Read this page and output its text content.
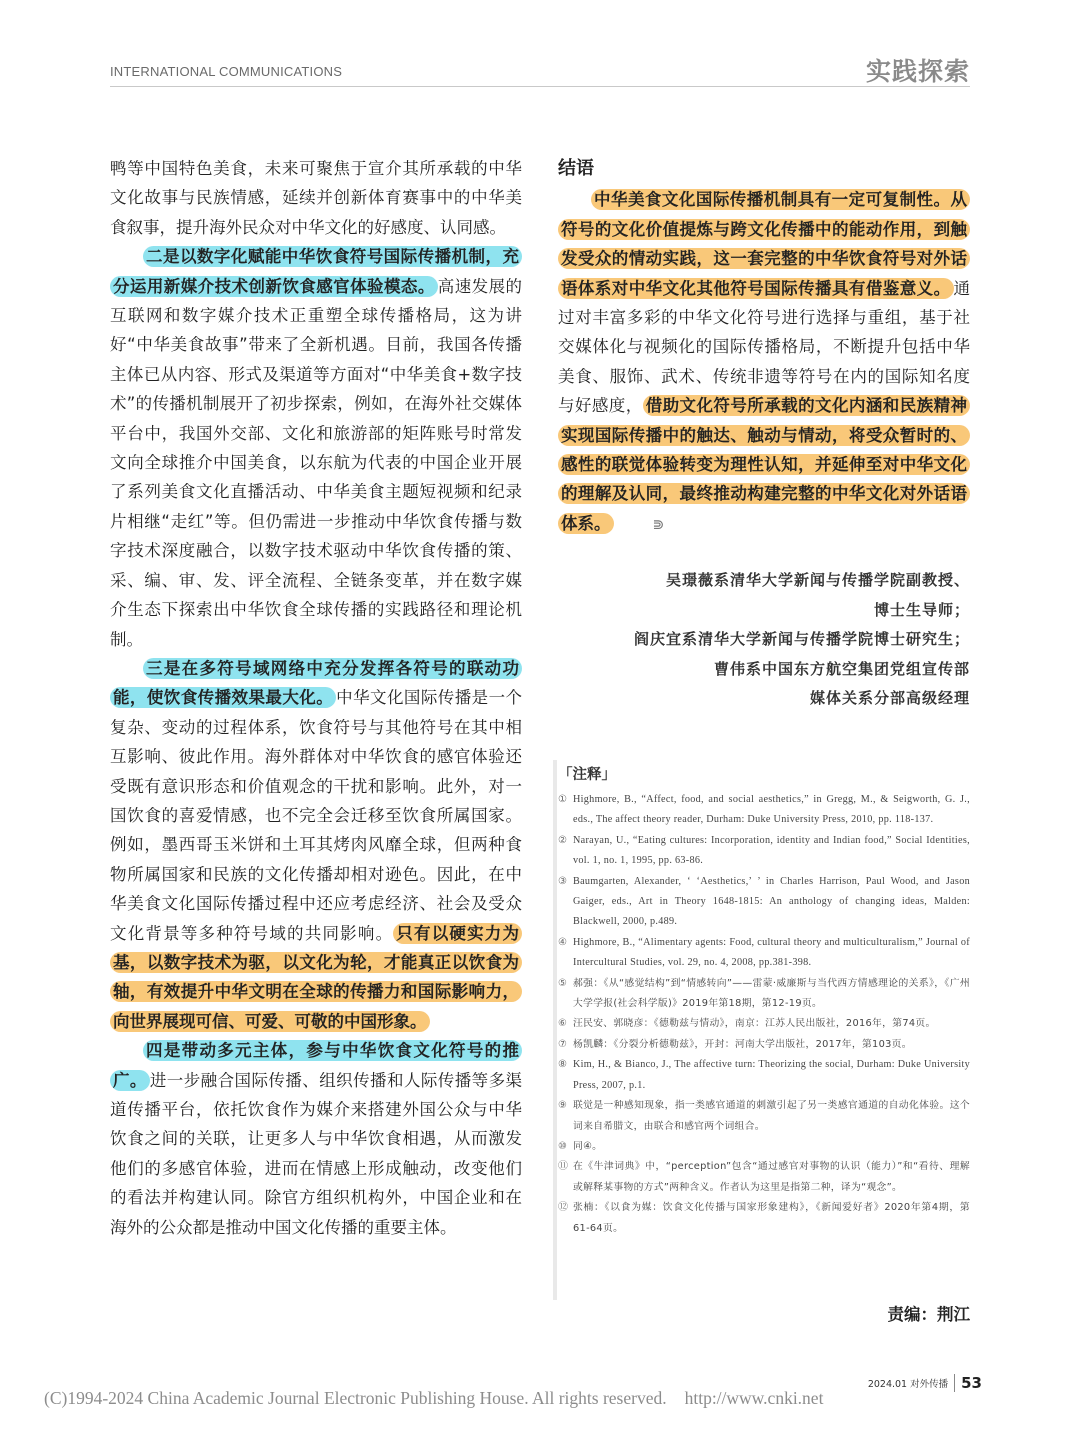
INTERNATIONAL COMMUNICATIONS	实践探索

鸭等中国特色美食，未来可聚焦于宣介其所承载的中华文化故事与民族情感，延续并创新体育赛事中的中华美食叙事，提升海外民众对中华文化的好感度、认同感。

二是以数字化赋能中华饮食符号国际传播机制，充分运用新媒介技术创新饮食感官体验模态。 高速发展的互联网和数字媒介技术正重塑全球传播格局，这为讲好“中华美食故事”带来了全新机遇。目前，我国各传播主体已从内容、形式及渠道等方面对“中华美食+数字技术”的传播机制展开了初步探索，例如，在海外社交媒体平台中，我国外交部、文化和旅游部的矩阵账号时常发文向全球推介中国美食，以东航为代表的中国企业开展了系列美食文化直播活动、中华美食主题短视频和纪录片相继“走红”等。但仍需进一步推动中华饮食传播与数字技术深度融合，以数字技术驱动中华饮食传播的策、采、编、审、发、评全流程、全链条变革，并在数字媒介生态下探索出中华饮食全球传播的实践路径和理论机制。

三是在多符号域网络中充分发挥各符号的联动功能，使饮食传播效果最大化。 中华文化国际传播是一个复杂、变动的过程体系，饮食符号与其他符号在其中相互影响、彼此作用。海外群体对中华饮食的感官体验还受既有意识形态和价值观念的干扰和影响。此外，对一国饮食的喜爱情感，也不完全会迁移至饮食所属国家。例如，墨西哥玉米饼和土耳其烤肉风靡全球，但两种食物所属国家和民族的文化传播却相对逊色。因此，在中华美食文化国际传播过程中还应考虑经济、社会及受众文化背景等多种符号域的共同影响。 只有以硬实力为基，以数字技术为驱，以文化为轮，才能真正以饮食为轴，有效提升中华文明在全球的传播力和国际影响力，向世界展现可信、可爱、可敬的中国形象。

四是带动多元主体，参与中华饮食文化符号的推广。 进一步融合国际传播、组织传播和人际传播等多渠道传播平台，依托饮食作为媒介来搭建外国公众与中华饮食之间的关联，让更多人与中华饮食相遇，从而激发他们的多感官体验，进而在情感上形成触动，改变他们的看法并构建认同。除官方组织机构外，中国企业和在海外的公众都是推动中国文化传播的重要主体。

结语

中华美食文化国际传播机制具有一定可复制性。从符号的文化价值提炼与跨文化传播中的能动作用，到触发受众的情动实践，这一套完整的中华饮食符号对外话语体系对中华文化其他符号国际传播具有借鉴意义。 通过对丰富多彩的中华文化符号进行选择与重组，基于社交媒体化与视频化的国际传播格局，不断提升包括中华美食、服饰、武术、传统非遗等符号在内的国际知名度与好感度， 借助文化符号所承载的文化内涵和民族精神实现国际传播中的触达、触动与情动，将受众暂时的、感性的联觉体验转变为理性认知，并延伸至对中华文化的理解及认同，最终推动构建完整的中华文化对外话语体系。	⋑

吴璟薇系清华大学新闻与传播学院副教授、
博士生导师；
阎庆宜系清华大学新闻与传播学院博士研究生；
曹伟系中国东方航空集团党组宣传部
媒体关系分部高级经理
「注释」
① Highmore, B., “Affect, food, and social aesthetics,” in Gregg, M., & Seigworth, G. J., eds., The affect theory reader, Durham: Duke University Press, 2010, pp. 118-137.
② Narayan, U., “Eating cultures: Incorporation, identity and Indian food,” Social Identities, vol. 1, no. 1, 1995, pp. 63-86.
③ Baumgarten, Alexander, ‘ ‘Aesthetics,’ ’ in Charles Harrison, Paul Wood, and Jason Gaiger, eds., Art in Theory 1648-1815: An anthology of changing ideas, Malden: Blackwell, 2000, p.489.
④ Highmore, B., “Alimentary agents: Food, cultural theory and multiculturalism,” Journal of Intercultural Studies, vol. 29, no. 4, 2008, pp.381-398.
⑤ 郝强：《从“感觉结构”到“情感转向”——雷蒙·威廉斯与当代西方情感理论的关系》，《广州大学学报(社会科学版)》2019年第18期，第12-19页。
⑥ 汪民安、郭晓彦：《德勒兹与情动》，南京：江苏人民出版社，2016年，第74页。
⑦ 杨凯麟：《分裂分析德勒兹》，开封：河南大学出版社，2017年，第103页。
⑧ Kim, H., & Bianco, J., The affective turn: Theorizing the social, Durham: Duke University Press, 2007, p.1.
⑨ 联觉是一种感知现象，指一类感官通道的刺激引起了另一类感官通道的自动化体验。这个词来自希腊文，由联合和感官两个词组合。
⑩ 同④。
⑪ 在《牛津词典》中，“perception”包含“通过感官对事物的认识（能力）”和“看待、理解或解释某事物的方式”两种含义。作者认为这里是指第二种，译为“观念”。
⑫ 张楠：《以食为媒：饮食文化传播与国家形象建构》，《新闻爱好者》2020年第4期，第61-64页。
责编：荆江
2024.01 对外传播 53
(C)1994-2024 China Academic Journal Electronic Publishing House. All rights reserved. http://www.cnki.net
